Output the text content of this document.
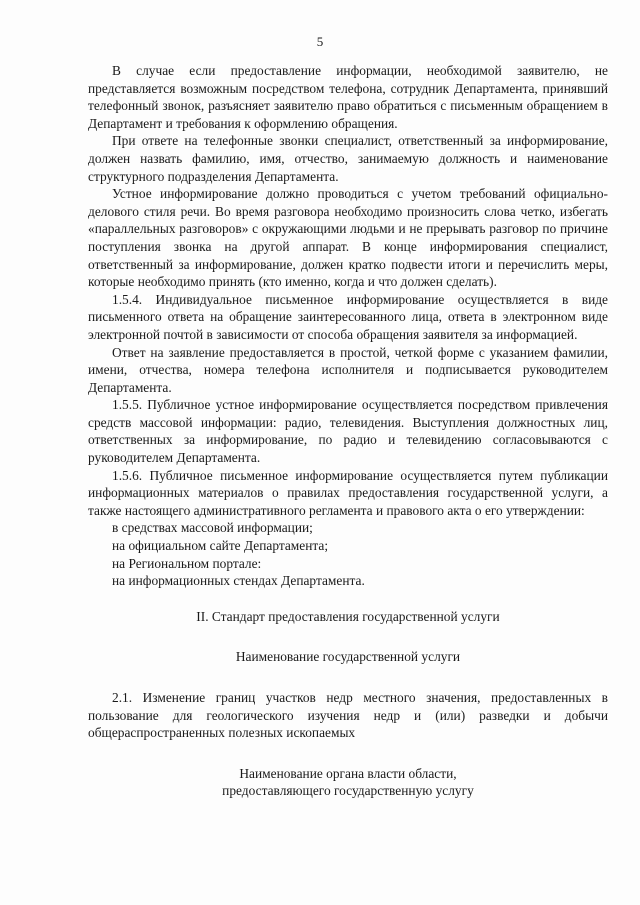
5

В случае если предоставление информации, необходимой заявителю, не представляется возможным посредством телефона, сотрудник Департамента, принявший телефонный звонок, разъясняет заявителю право обратиться с письменным обращением в Департамент и требования к оформлению обращения.

При ответе на телефонные звонки специалист, ответственный за информирование, должен назвать фамилию, имя, отчество, занимаемую должность и наименование структурного подразделения Департамента.

Устное информирование должно проводиться с учетом требований официально-делового стиля речи. Во время разговора необходимо произносить слова четко, избегать «параллельных разговоров» с окружающими людьми и не прерывать разговор по причине поступления звонка на другой аппарат. В конце информирования специалист, ответственный за информирование, должен кратко подвести итоги и перечислить меры, которые необходимо принять (кто именно, когда и что должен сделать).

1.5.4. Индивидуальное письменное информирование осуществляется в виде письменного ответа на обращение заинтересованного лица, ответа в электронном виде электронной почтой в зависимости от способа обращения заявителя за информацией.

Ответ на заявление предоставляется в простой, четкой форме с указанием фамилии, имени, отчества, номера телефона исполнителя и подписывается руководителем Департамента.

1.5.5. Публичное устное информирование осуществляется посредством привлечения средств массовой информации: радио, телевидения. Выступления должностных лиц, ответственных за информирование, по радио и телевидению согласовываются с руководителем Департамента.

1.5.6. Публичное письменное информирование осуществляется путем публикации информационных материалов о правилах предоставления государственной услуги, а также настоящего административного регламента и правового акта о его утверждении:

в средствах массовой информации;

на официальном сайте Департамента;

на Региональном портале:

на информационных стендах Департамента.

II. Стандарт предоставления государственной услуги

Наименование государственной услуги

2.1. Изменение границ участков недр местного значения, предоставленных в пользование для геологического изучения недр и (или) разведки и добычи общераспространенных полезных ископаемых

Наименование органа власти области,

предоставляющего государственную услугу
